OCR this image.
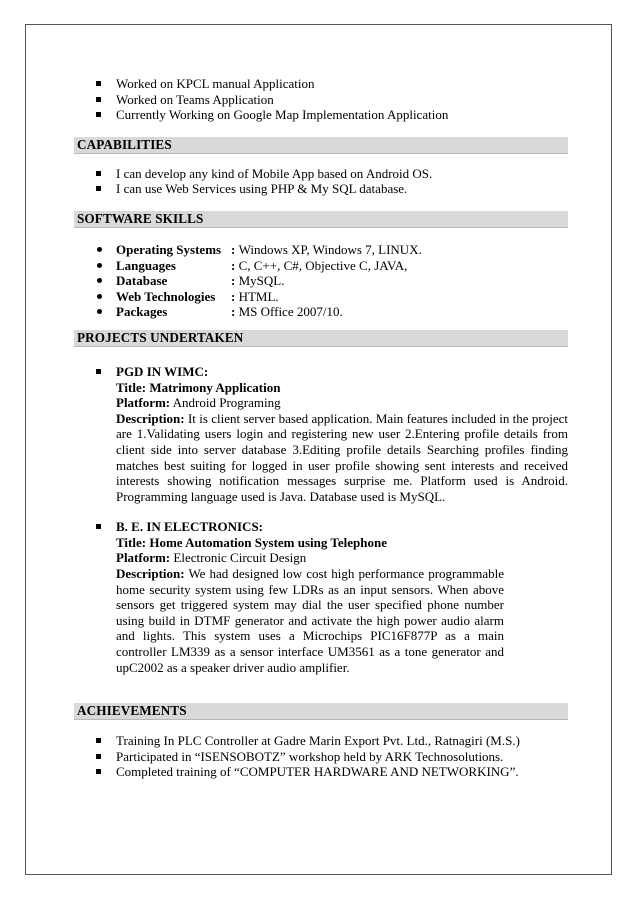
Worked on KPCL manual Application
Worked on Teams Application
Currently Working on Google Map Implementation Application
CAPABILITIES
I can develop any kind of Mobile App based on Android OS.
I can use Web Services using PHP & My SQL database.
SOFTWARE SKILLS
Operating Systems : Windows XP, Windows 7, LINUX.
Languages	: C, C++, C#, Objective C, JAVA,
Database	: MySQL.
Web Technologies	: HTML.
Packages	: MS Office 2007/10.
PROJECTS UNDERTAKEN
PGD IN WIMC:
Title: Matrimony Application
Platform: Android Programing
Description: It is client server based application. Main features included in the project are 1.Validating users login and registering new user 2.Entering profile details from client side into server database 3.Editing profile details Searching profiles finding matches best suiting for logged in user profile showing sent interests and received interests showing notification messages surprise me. Platform used is Android. Programming language used is Java. Database used is MySQL.
B. E. IN ELECTRONICS:
Title: Home Automation System using Telephone
Platform: Electronic Circuit Design
Description: We had designed low cost high performance programmable home security system using few LDRs as an input sensors. When above sensors get triggered system may dial the user specified phone number using build in DTMF generator and activate the high power audio alarm and lights. This system uses a Microchips PIC16F877P as a main controller LM339 as a sensor interface UM3561 as a tone generator and upC2002 as a speaker driver audio amplifier.
ACHIEVEMENTS
Training In PLC Controller at Gadre Marin Export Pvt. Ltd., Ratnagiri (M.S.)
Participated in “ISENSOBOTZ” workshop held by ARK Technosolutions.
Completed training of “COMPUTER HARDWARE AND NETWORKING”.
